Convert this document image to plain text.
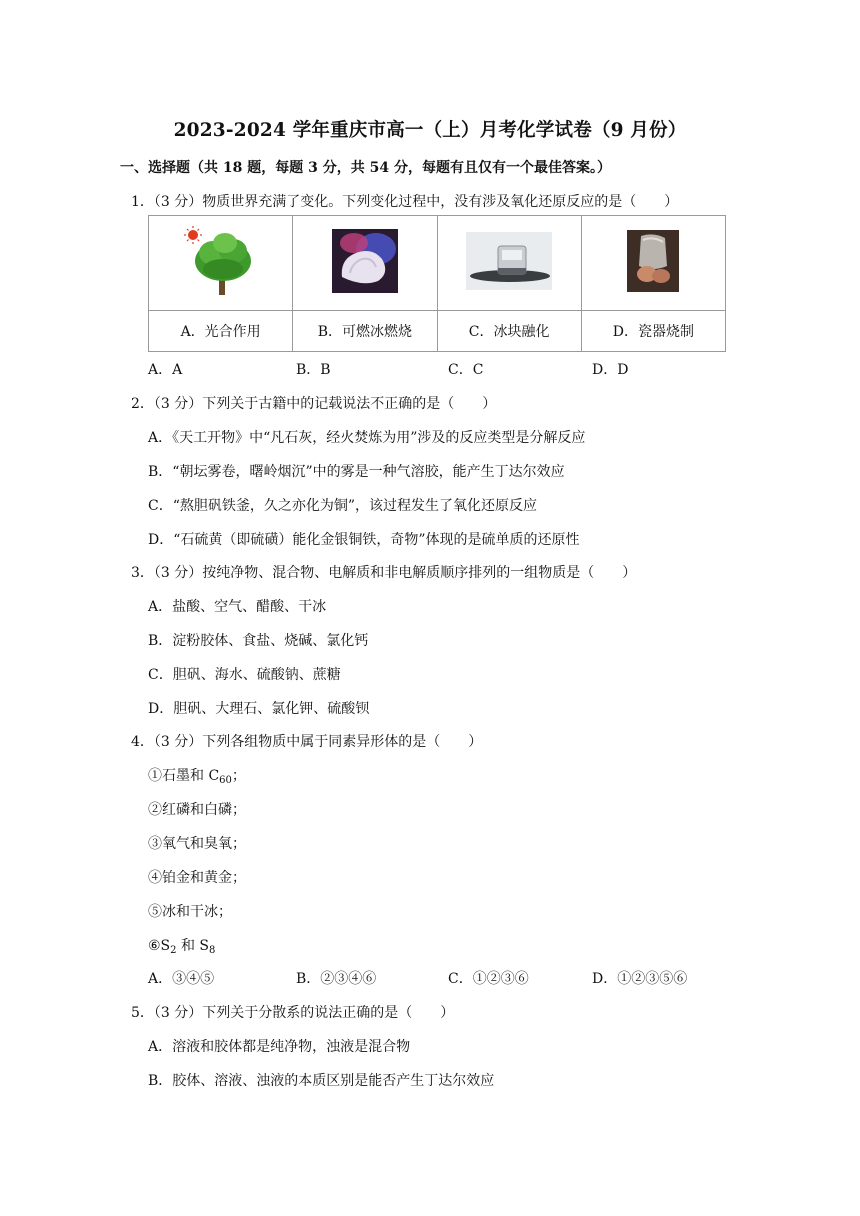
2023-2024 学年重庆市高一（上）月考化学试卷（9 月份）
一、选择题（共 18 题，每题 3 分，共 54 分，每题有且仅有一个最佳答案。）
1．（3 分）物质世界充满了变化。下列变化过程中，没有涉及氧化还原反应的是（　　）

A．光合作用	B．可燃冰燃烧	C．冰块融化	D．瓷器烧制
A．A	B．B	C．C	D．D
2．（3 分）下列关于古籍中的记载说法不正确的是（　　）
A．《天工开物》中“凡石灰，经火焚炼为用”涉及的反应类型是分解反应
B．“朝坛雾卷，曙岭烟沉”中的雾是一种气溶胶，能产生丁达尔效应
C．“熬胆矾铁釜，久之亦化为铜”，该过程发生了氧化还原反应
D．“石硫黄（即硫磺）能化金银铜铁，奇物”体现的是硫单质的还原性
3．（3 分）按纯净物、混合物、电解质和非电解质顺序排列的一组物质是（　　）
A．盐酸、空气、醋酸、干冰
B．淀粉胶体、食盐、烧碱、氯化钙
C．胆矾、海水、硫酸钠、蔗糖
D．胆矾、大理石、氯化钾、硫酸钡
4．（3 分）下列各组物质中属于同素异形体的是（　　）
①石墨和 $C_{60}$；
②红磷和白磷；
③氧气和臭氧；
④铂金和黄金；
⑤冰和干冰；
$⑥S_2$ 和 $S_8$
A．③④⑤	B．②③④⑥	C．①②③⑥	D．①②③⑤⑥
5．（3 分）下列关于分散系的说法正确的是（　　）
A．溶液和胶体都是纯净物，浊液是混合物
B．胶体、溶液、浊液的本质区别是能否产生丁达尔效应
